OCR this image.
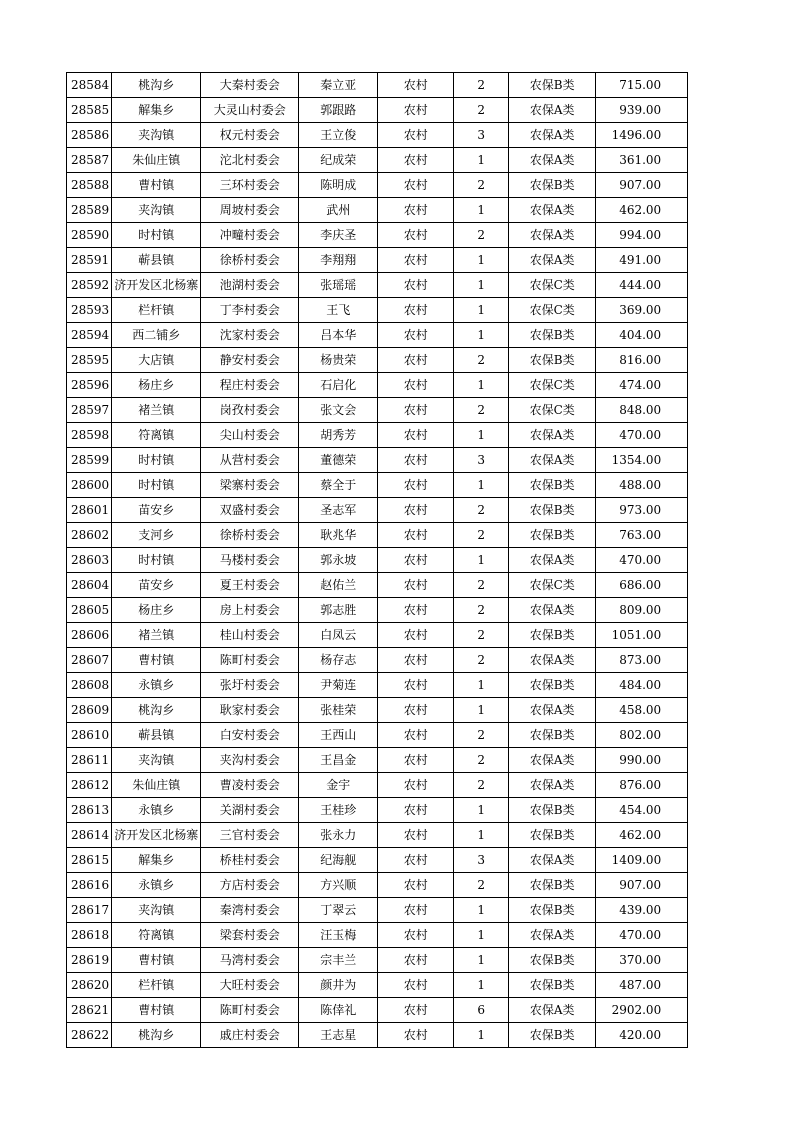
28584	桃沟乡	大秦村委会	秦立亚	农村	2	农保B类	715.00
28585	解集乡	大灵山村委会	郭跟路	农村	2	农保A类	939.00
28586	夹沟镇	权元村委会	王立俊	农村	3	农保A类	1496.00
28587	朱仙庄镇	沱北村委会	纪成荣	农村	1	农保A类	361.00
28588	曹村镇	三环村委会	陈明成	农村	2	农保B类	907.00
28589	夹沟镇	周坡村委会	武州	农村	1	农保A类	462.00
28590	时村镇	冲疃村委会	李庆圣	农村	2	农保A类	994.00
28591	蕲县镇	徐桥村委会	李翔翔	农村	1	农保A类	491.00
28592	济开发区北杨寨	池湖村委会	张瑶瑶	农村	1	农保C类	444.00
28593	栏杆镇	丁李村委会	王飞	农村	1	农保C类	369.00
28594	西二铺乡	沈家村委会	吕本华	农村	1	农保B类	404.00
28595	大店镇	静安村委会	杨贵荣	农村	2	农保B类	816.00
28596	杨庄乡	程庄村委会	石启化	农村	1	农保C类	474.00
28597	褚兰镇	岗孜村委会	张文会	农村	2	农保C类	848.00
28598	符离镇	尖山村委会	胡秀芳	农村	1	农保A类	470.00
28599	时村镇	从营村委会	董德荣	农村	3	农保A类	1354.00
28600	时村镇	梁寨村委会	蔡全于	农村	1	农保B类	488.00
28601	苗安乡	双盛村委会	圣志军	农村	2	农保B类	973.00
28602	支河乡	徐桥村委会	耿兆华	农村	2	农保B类	763.00
28603	时村镇	马楼村委会	郭永坡	农村	1	农保A类	470.00
28604	苗安乡	夏王村委会	赵佑兰	农村	2	农保C类	686.00
28605	杨庄乡	房上村委会	郭志胜	农村	2	农保A类	809.00
28606	褚兰镇	桂山村委会	白凤云	农村	2	农保B类	1051.00
28607	曹村镇	陈町村委会	杨存志	农村	2	农保A类	873.00
28608	永镇乡	张圩村委会	尹菊连	农村	1	农保B类	484.00
28609	桃沟乡	耿家村委会	张桂荣	农村	1	农保A类	458.00
28610	蕲县镇	白安村委会	王西山	农村	2	农保B类	802.00
28611	夹沟镇	夹沟村委会	王昌金	农村	2	农保A类	990.00
28612	朱仙庄镇	曹凌村委会	金宇	农村	2	农保A类	876.00
28613	永镇乡	关湖村委会	王桂珍	农村	1	农保B类	454.00
28614	济开发区北杨寨	三官村委会	张永力	农村	1	农保B类	462.00
28615	解集乡	桥桂村委会	纪海舰	农村	3	农保A类	1409.00
28616	永镇乡	方店村委会	方兴顺	农村	2	农保B类	907.00
28617	夹沟镇	秦湾村委会	丁翠云	农村	1	农保B类	439.00
28618	符离镇	梁套村委会	汪玉梅	农村	1	农保A类	470.00
28619	曹村镇	马湾村委会	宗丰兰	农村	1	农保B类	370.00
28620	栏杆镇	大旺村委会	颜井为	农村	1	农保B类	487.00
28621	曹村镇	陈町村委会	陈倖礼	农村	6	农保A类	2902.00
28622	桃沟乡	戚庄村委会	王志星	农村	1	农保B类	420.00
